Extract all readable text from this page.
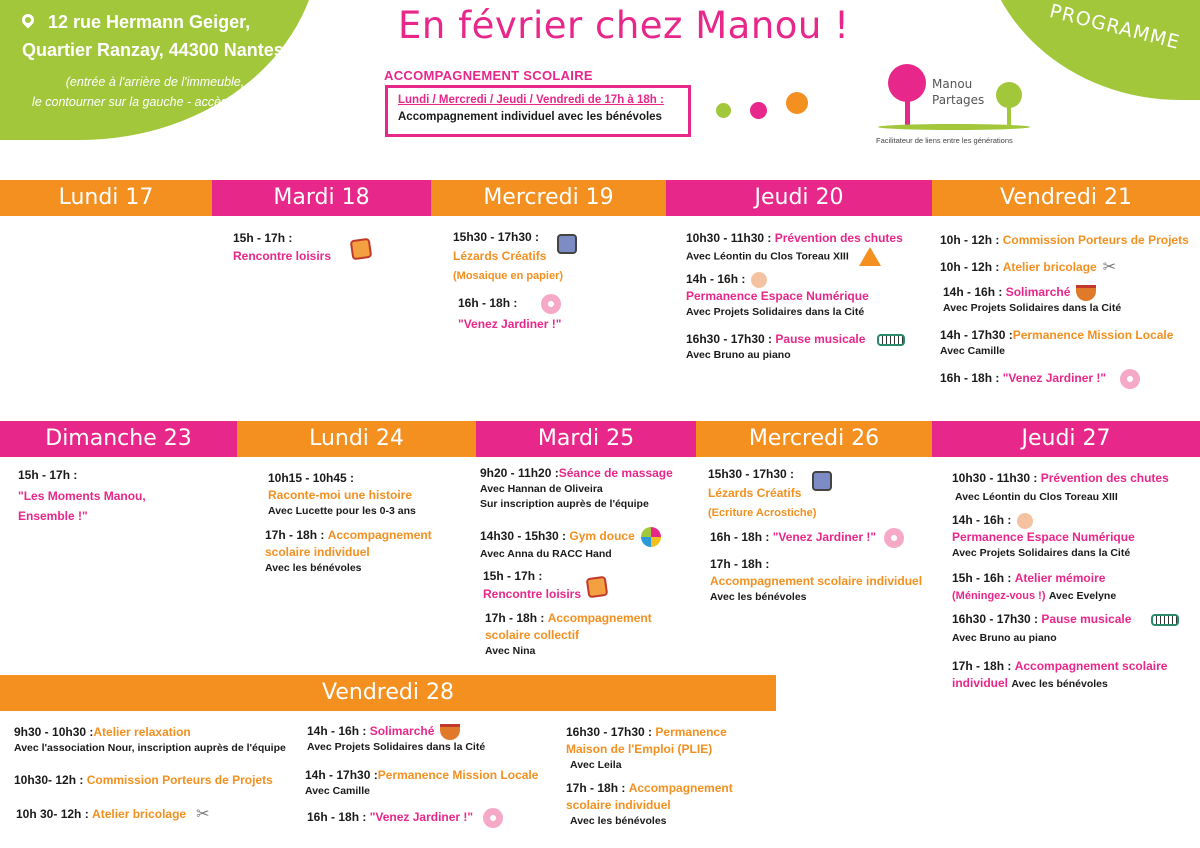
12 rue Hermann Geiger,
Quartier Ranzay, 44300 Nantes
(entrée à l'arrière de l'immeuble,
le contourner sur la gauche - accès PMR) ♿
En février chez Manou !	PROGRAMME
ACCOMPAGNEMENT SCOLAIRE
Lundi / Mercredi / Jeudi / Vendredi de 17h à 18h :
Accompagnement individuel avec les bénévoles
Manou
Partages
Facilitateur de liens entre les générations
Lundi 17	Mardi 18	Mercredi 19	Jeudi 20	Vendredi 21
15h - 17h :
Rencontre loisirs
15h30 - 17h30 :
Lézards Créatifs
(Mosaique en papier)
16h - 18h :
"Venez Jardiner !"
10h30 - 11h30 : Prévention des chutes
Avec Léontin du Clos Toreau XIII
14h - 16h :
Permanence Espace Numérique
Avec Projets Solidaires dans la Cité
16h30 - 17h30 : Pause musicale
Avec Bruno au piano
10h - 12h : Commission Porteurs de Projets
10h - 12h : Atelier bricolage ✂
14h - 16h : Solimarché
Avec Projets Solidaires dans la Cité
14h - 17h30 :Permanence Mission Locale
Avec Camille
16h - 18h : "Venez Jardiner !"
Dimanche 23	Lundi 24	Mardi 25	Mercredi 26	Jeudi 27
15h - 17h :
"Les Moments Manou,
Ensemble !"
10h15 - 10h45 :
Raconte-moi une histoire
Avec Lucette pour les 0-3 ans
17h - 18h : Accompagnement
scolaire individuel
Avec les bénévoles
9h20 - 11h20 :Séance de massage
Avec Hannan de Oliveira
Sur inscription auprès de l'équipe
14h30 - 15h30 : Gym douce
Avec Anna du RACC Hand
15h - 17h :
Rencontre loisirs
17h - 18h : Accompagnement
scolaire collectif
Avec Nina
15h30 - 17h30 :
Lézards Créatifs
(Ecriture Acrostiche)
16h - 18h : "Venez Jardiner !"
17h - 18h :
Accompagnement scolaire individuel
Avec les bénévoles
10h30 - 11h30 : Prévention des chutes
Avec Léontin du Clos Toreau XIII
14h - 16h :
Permanence Espace Numérique
Avec Projets Solidaires dans la Cité
15h - 16h : Atelier mémoire
(Méningez-vous !) Avec Evelyne
16h30 - 17h30 : Pause musicale
Avec Bruno au piano
17h - 18h : Accompagnement scolaire
individuel Avec les bénévoles
Vendredi 28
9h30 - 10h30 :Atelier relaxation
Avec l'association Nour, inscription auprès de l'équipe
10h30- 12h : Commission Porteurs de Projets
10h 30- 12h : Atelier bricolage ✂
14h - 16h : Solimarché
Avec Projets Solidaires dans la Cité
14h - 17h30 :Permanence Mission Locale
Avec Camille
16h - 18h : "Venez Jardiner !"
16h30 - 17h30 : Permanence
Maison de l'Emploi (PLIE)
Avec Leila
17h - 18h : Accompagnement
scolaire individuel
Avec les bénévoles
